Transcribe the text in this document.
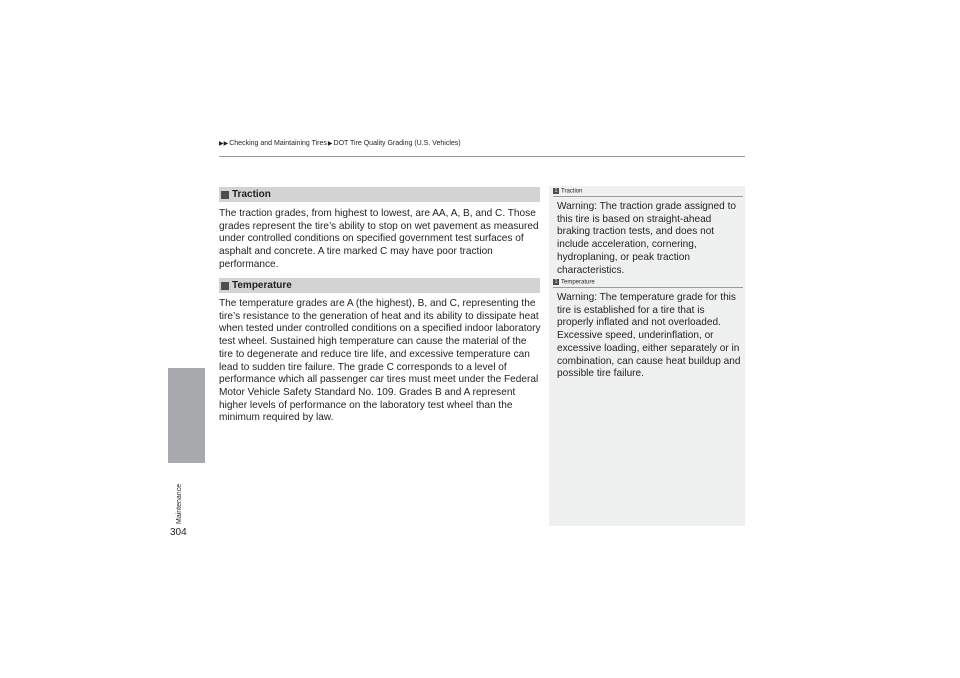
▶▶ Checking and Maintaining Tires ▶ DOT Tire Quality Grading (U.S. Vehicles)
Maintenance
304
Traction
The traction grades, from highest to lowest, are AA, A, B, and C. Those grades represent the tire’s ability to stop on wet pavement as measured under controlled conditions on specified government test surfaces of asphalt and concrete. A tire marked C may have poor traction performance.
Temperature
The temperature grades are A (the highest), B, and C, representing the tire’s resistance to the generation of heat and its ability to dissipate heat when tested under controlled conditions on a specified indoor laboratory test wheel. Sustained high temperature can cause the material of the tire to degenerate and reduce tire life, and excessive temperature can lead to sudden tire failure. The grade C corresponds to a level of performance which all passenger car tires must meet under the Federal Motor Vehicle Safety Standard No. 109. Grades B and A represent higher levels of performance on the laboratory test wheel than the minimum required by law.
1 Traction
Warning: The traction grade assigned to this tire is based on straight-ahead braking traction tests, and does not include acceleration, cornering, hydroplaning, or peak traction characteristics.
1 Temperature
Warning: The temperature grade for this tire is established for a tire that is properly inflated and not overloaded. Excessive speed, underinflation, or excessive loading, either separately or in combination, can cause heat buildup and possible tire failure.
